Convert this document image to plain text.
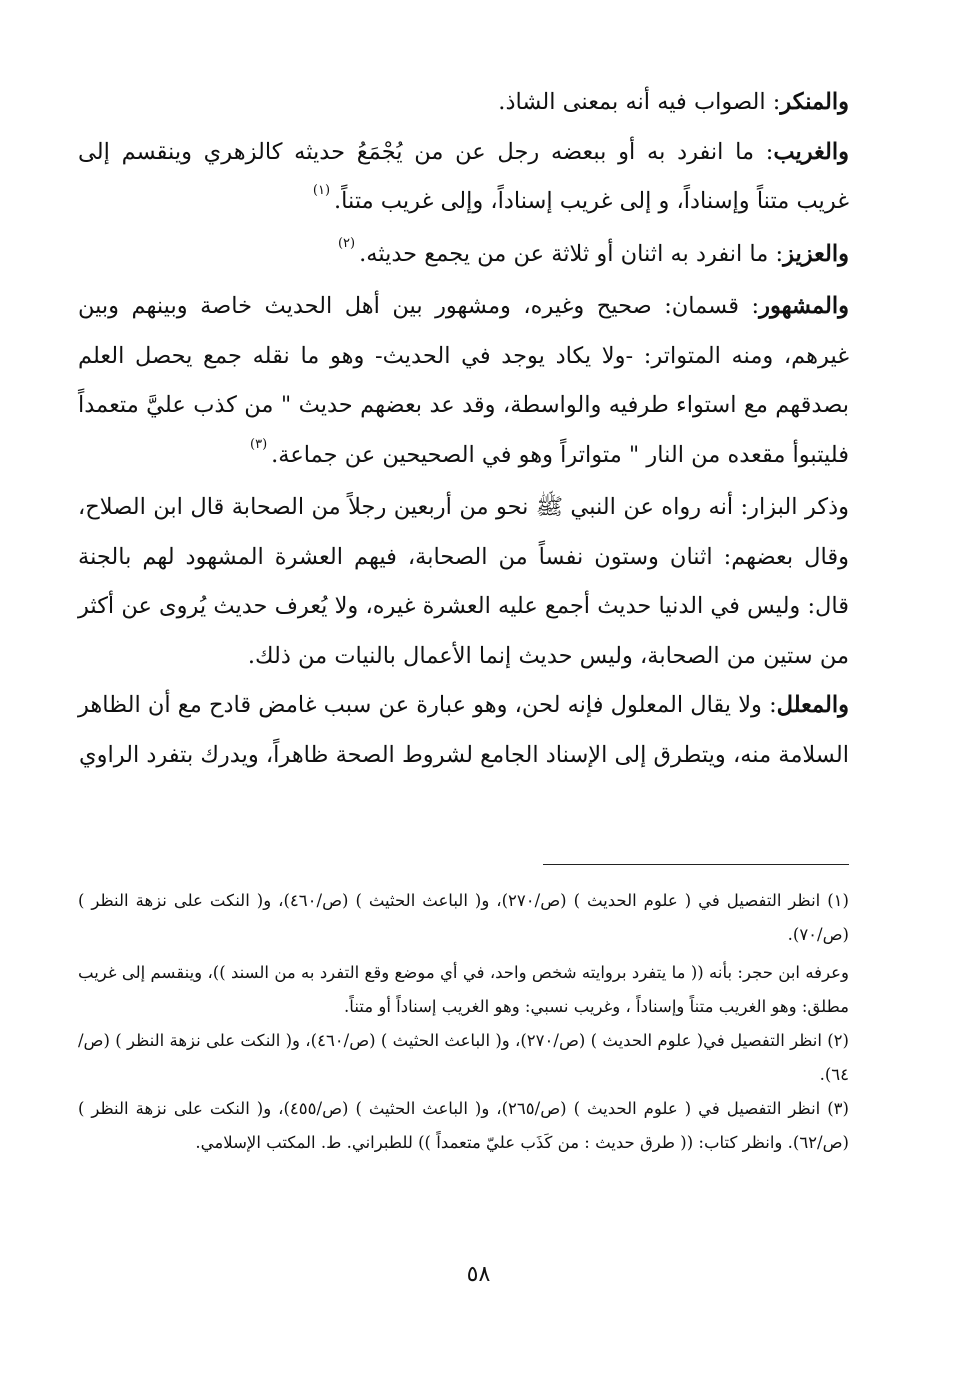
والمنكر: الصواب فيه أنه بمعنى الشاذ.

والغريب: ما انفرد به أو ببعضه رجل عن من يُجْمَعُ حديثه كالزهري وينقسم إلى غريب متناً وإسناداً، و إلى غريب إسناداً، وإلى غريب متناً.$^{(١)}$

والعزيز: ما انفرد به اثنان أو ثلاثة عن من يجمع حديثه.$^{(٢)}$

والمشهور: قسمان: صحيح وغيره، ومشهور بين أهل الحديث خاصة وبينهم وبين غيرهم، ومنه المتواتر: -ولا يكاد يوجد في الحديث- وهو ما نقله جمع يحصل العلم بصدقهم مع استواء طرفيه والواسطة، وقد عد بعضهم حديث " من كذب عليَّ متعمداً فليتبوأ مقعده من النار " متواتراً وهو في الصحيحين عن جماعة.$^{(٣)}$

وذكر البزار: أنه رواه عن النبي ﷺ نحو من أربعين رجلاً من الصحابة قال ابن الصلاح، وقال بعضهم: اثنان وستون نفساً من الصحابة، فيهم العشرة المشهود لهم بالجنة قال: وليس في الدنيا حديث أجمع عليه العشرة غيره، ولا يُعرف حديث يُروى عن أكثر من ستين من الصحابة، وليس حديث إنما الأعمال بالنيات من ذلك.

والمعلل: ولا يقال المعلول فإنه لحن، وهو عبارة عن سبب غامض قادح مع أن الظاهر السلامة منه، ويتطرق إلى الإسناد الجامع لشروط الصحة ظاهراً، ويدرك بتفرد الراوي

(١) انظر التفصيل في ( علوم الحديث ) (ص/٢٧٠)، و( الباعث الحثيث ) (ص/٤٦٠)، و( النكت على نزهة النظر ) (ص/٧٠).

وعرفه ابن حجر: بأنه (( ما يتفرد بروايته شخص واحد، في أي موضع وقع التفرد به من السند ))، وينقسم إلى غريب مطلق: وهو الغريب متناً وإسناداً ، وغريب نسبي: وهو الغريب إسناداً أو متناً.

(٢) انظر التفصيل في( علوم الحديث ) (ص/٢٧٠)، و( الباعث الحثيث ) (ص/٤٦٠)، و( النكت على نزهة النظر ) (ص/٦٤).

(٣) انظر التفصيل في ( علوم الحديث ) (ص/٢٦٥)، و( الباعث الحثيث ) (ص/٤٥٥)، و( النكت على نزهة النظر ) (ص/٦٢). وانظر كتاب: (( طرق حديث : من كَذَب عليّ متعمداً )) للطبراني. ط. المكتب الإسلامي.

٥٨
